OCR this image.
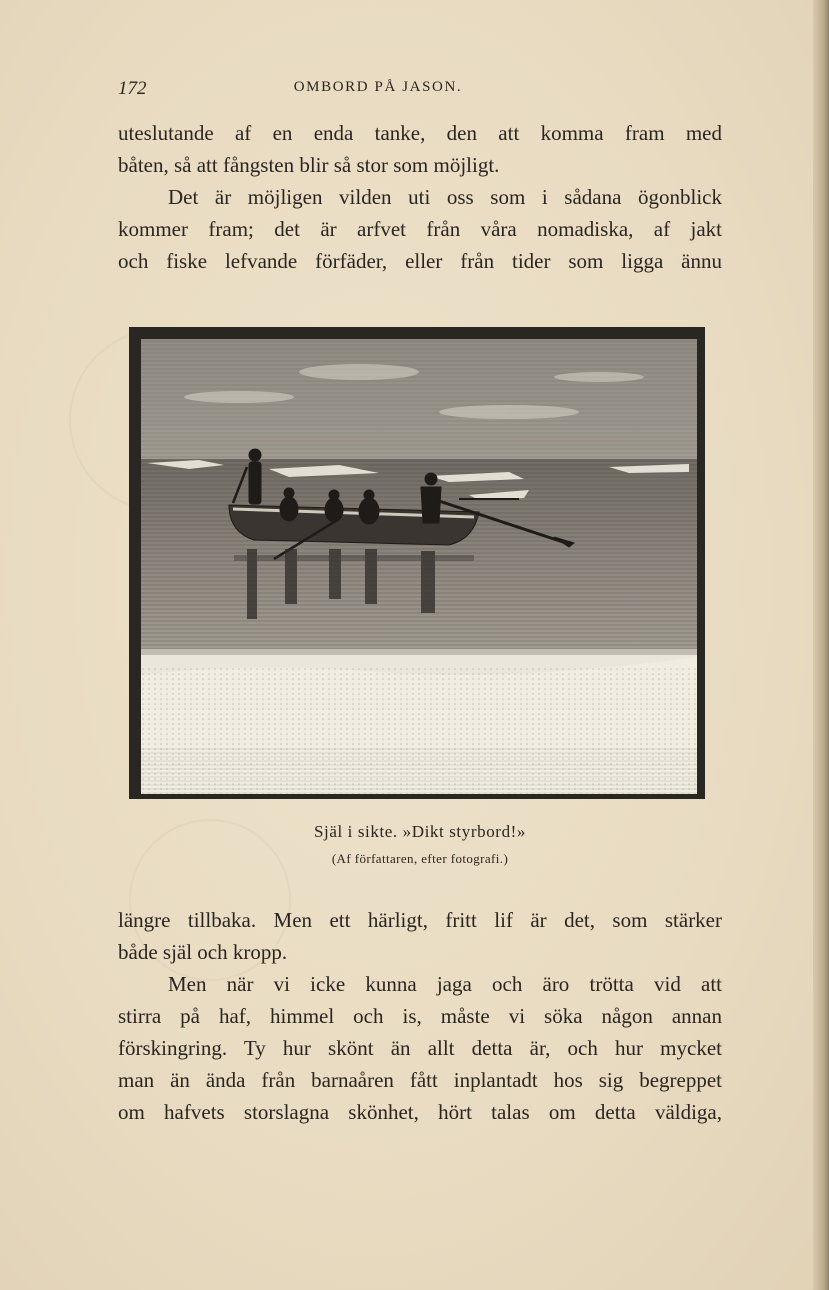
172	OMBORD PÅ JASON.
uteslutande af en enda tanke, den att komma fram med
båten, så att fångsten blir så stor som möjligt.
Det är möjligen vilden uti oss som i sådana ögonblick
kommer fram; det är arfvet från våra nomadiska, af jakt
och fiske lefvande förfäder, eller från tider som ligga ännu
Själ i sikte. »Dikt styrbord!»
(Af författaren, efter fotografi.)
längre tillbaka. Men ett härligt, fritt lif är det, som stärker
både själ och kropp.
Men när vi icke kunna jaga och äro trötta vid att
stirra på haf, himmel och is, måste vi söka någon annan
förskingring. Ty hur skönt än allt detta är, och hur mycket
man än ända från barnaåren fått inplantadt hos sig begreppet
om hafvets storslagna skönhet, hört talas om detta väldiga,
